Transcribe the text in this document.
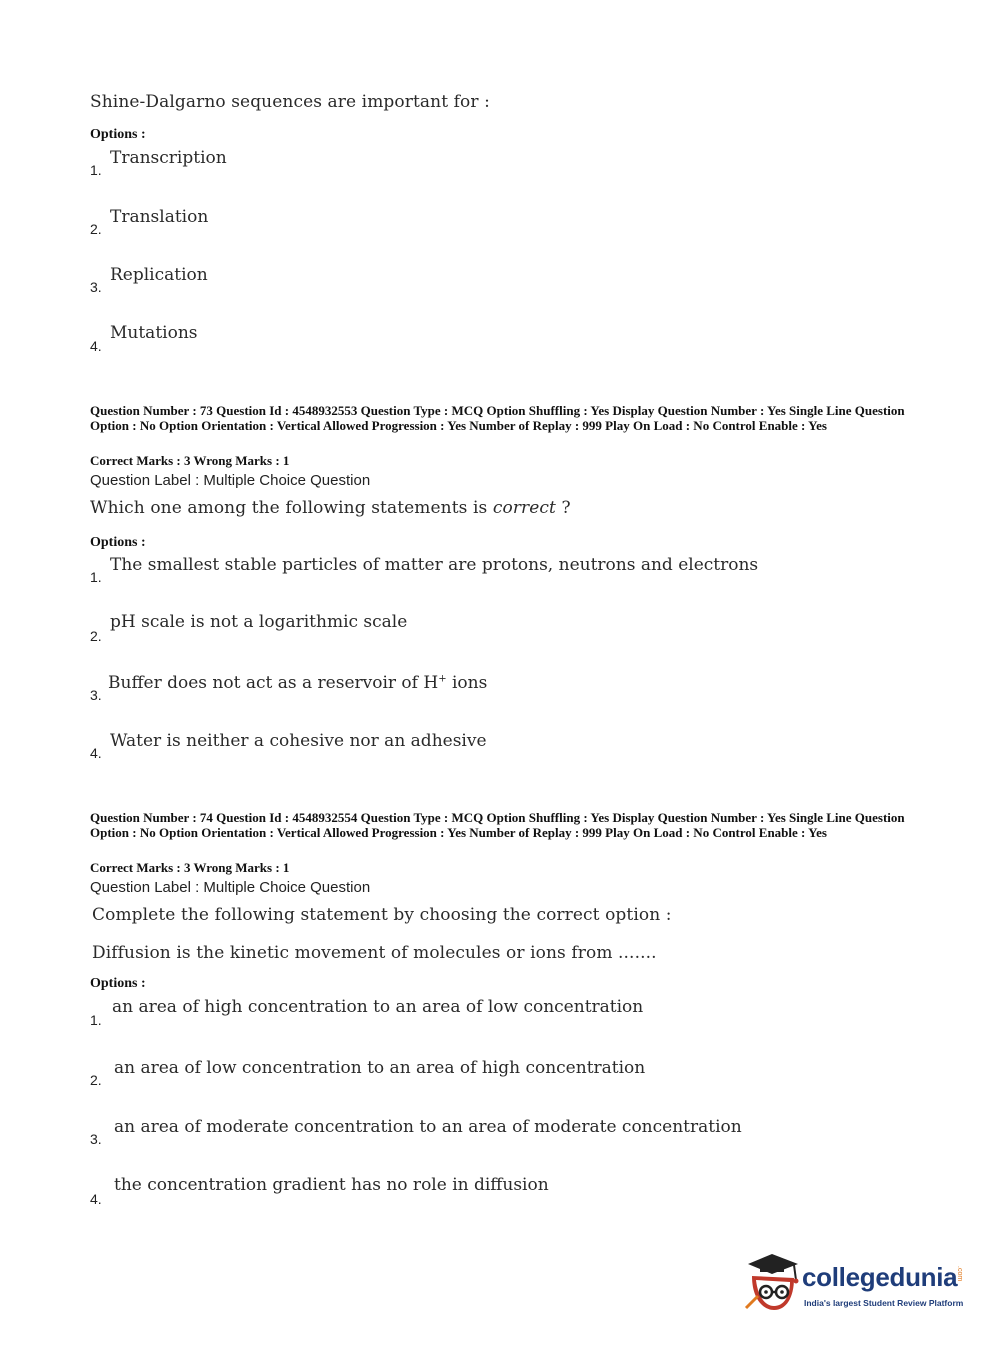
Shine-Dalgarno sequences are important for :
Options :
1.
Transcription
2.
Translation
3.
Replication
4.
Mutations
Question Number : 73 Question Id : 4548932553 Question Type : MCQ Option Shuffling : Yes Display Question Number : Yes Single Line Question Option : No Option Orientation : Vertical Allowed Progression : Yes Number of Replay : 999 Play On Load : No Control Enable : Yes
Correct Marks : 3 Wrong Marks : 1
Question Label : Multiple Choice Question
Which one among the following statements is correct ?
Options :
1.
The smallest stable particles of matter are protons, neutrons and electrons
2.
pH scale is not a logarithmic scale
3.
Buffer does not act as a reservoir of H+ ions
4.
Water is neither a cohesive nor an adhesive
Question Number : 74 Question Id : 4548932554 Question Type : MCQ Option Shuffling : Yes Display Question Number : Yes Single Line Question Option : No Option Orientation : Vertical Allowed Progression : Yes Number of Replay : 999 Play On Load : No Control Enable : Yes
Correct Marks : 3 Wrong Marks : 1
Question Label : Multiple Choice Question
Complete the following statement by choosing the correct option :
Diffusion is the kinetic movement of molecules or ions from .......
Options :
1.
an area of high concentration to an area of low concentration
2.
an area of low concentration to an area of high concentration
3.
an area of moderate concentration to an area of moderate concentration
4.
the concentration gradient has no role in diffusion
collegedunia
.com
India's largest Student Review Platform
